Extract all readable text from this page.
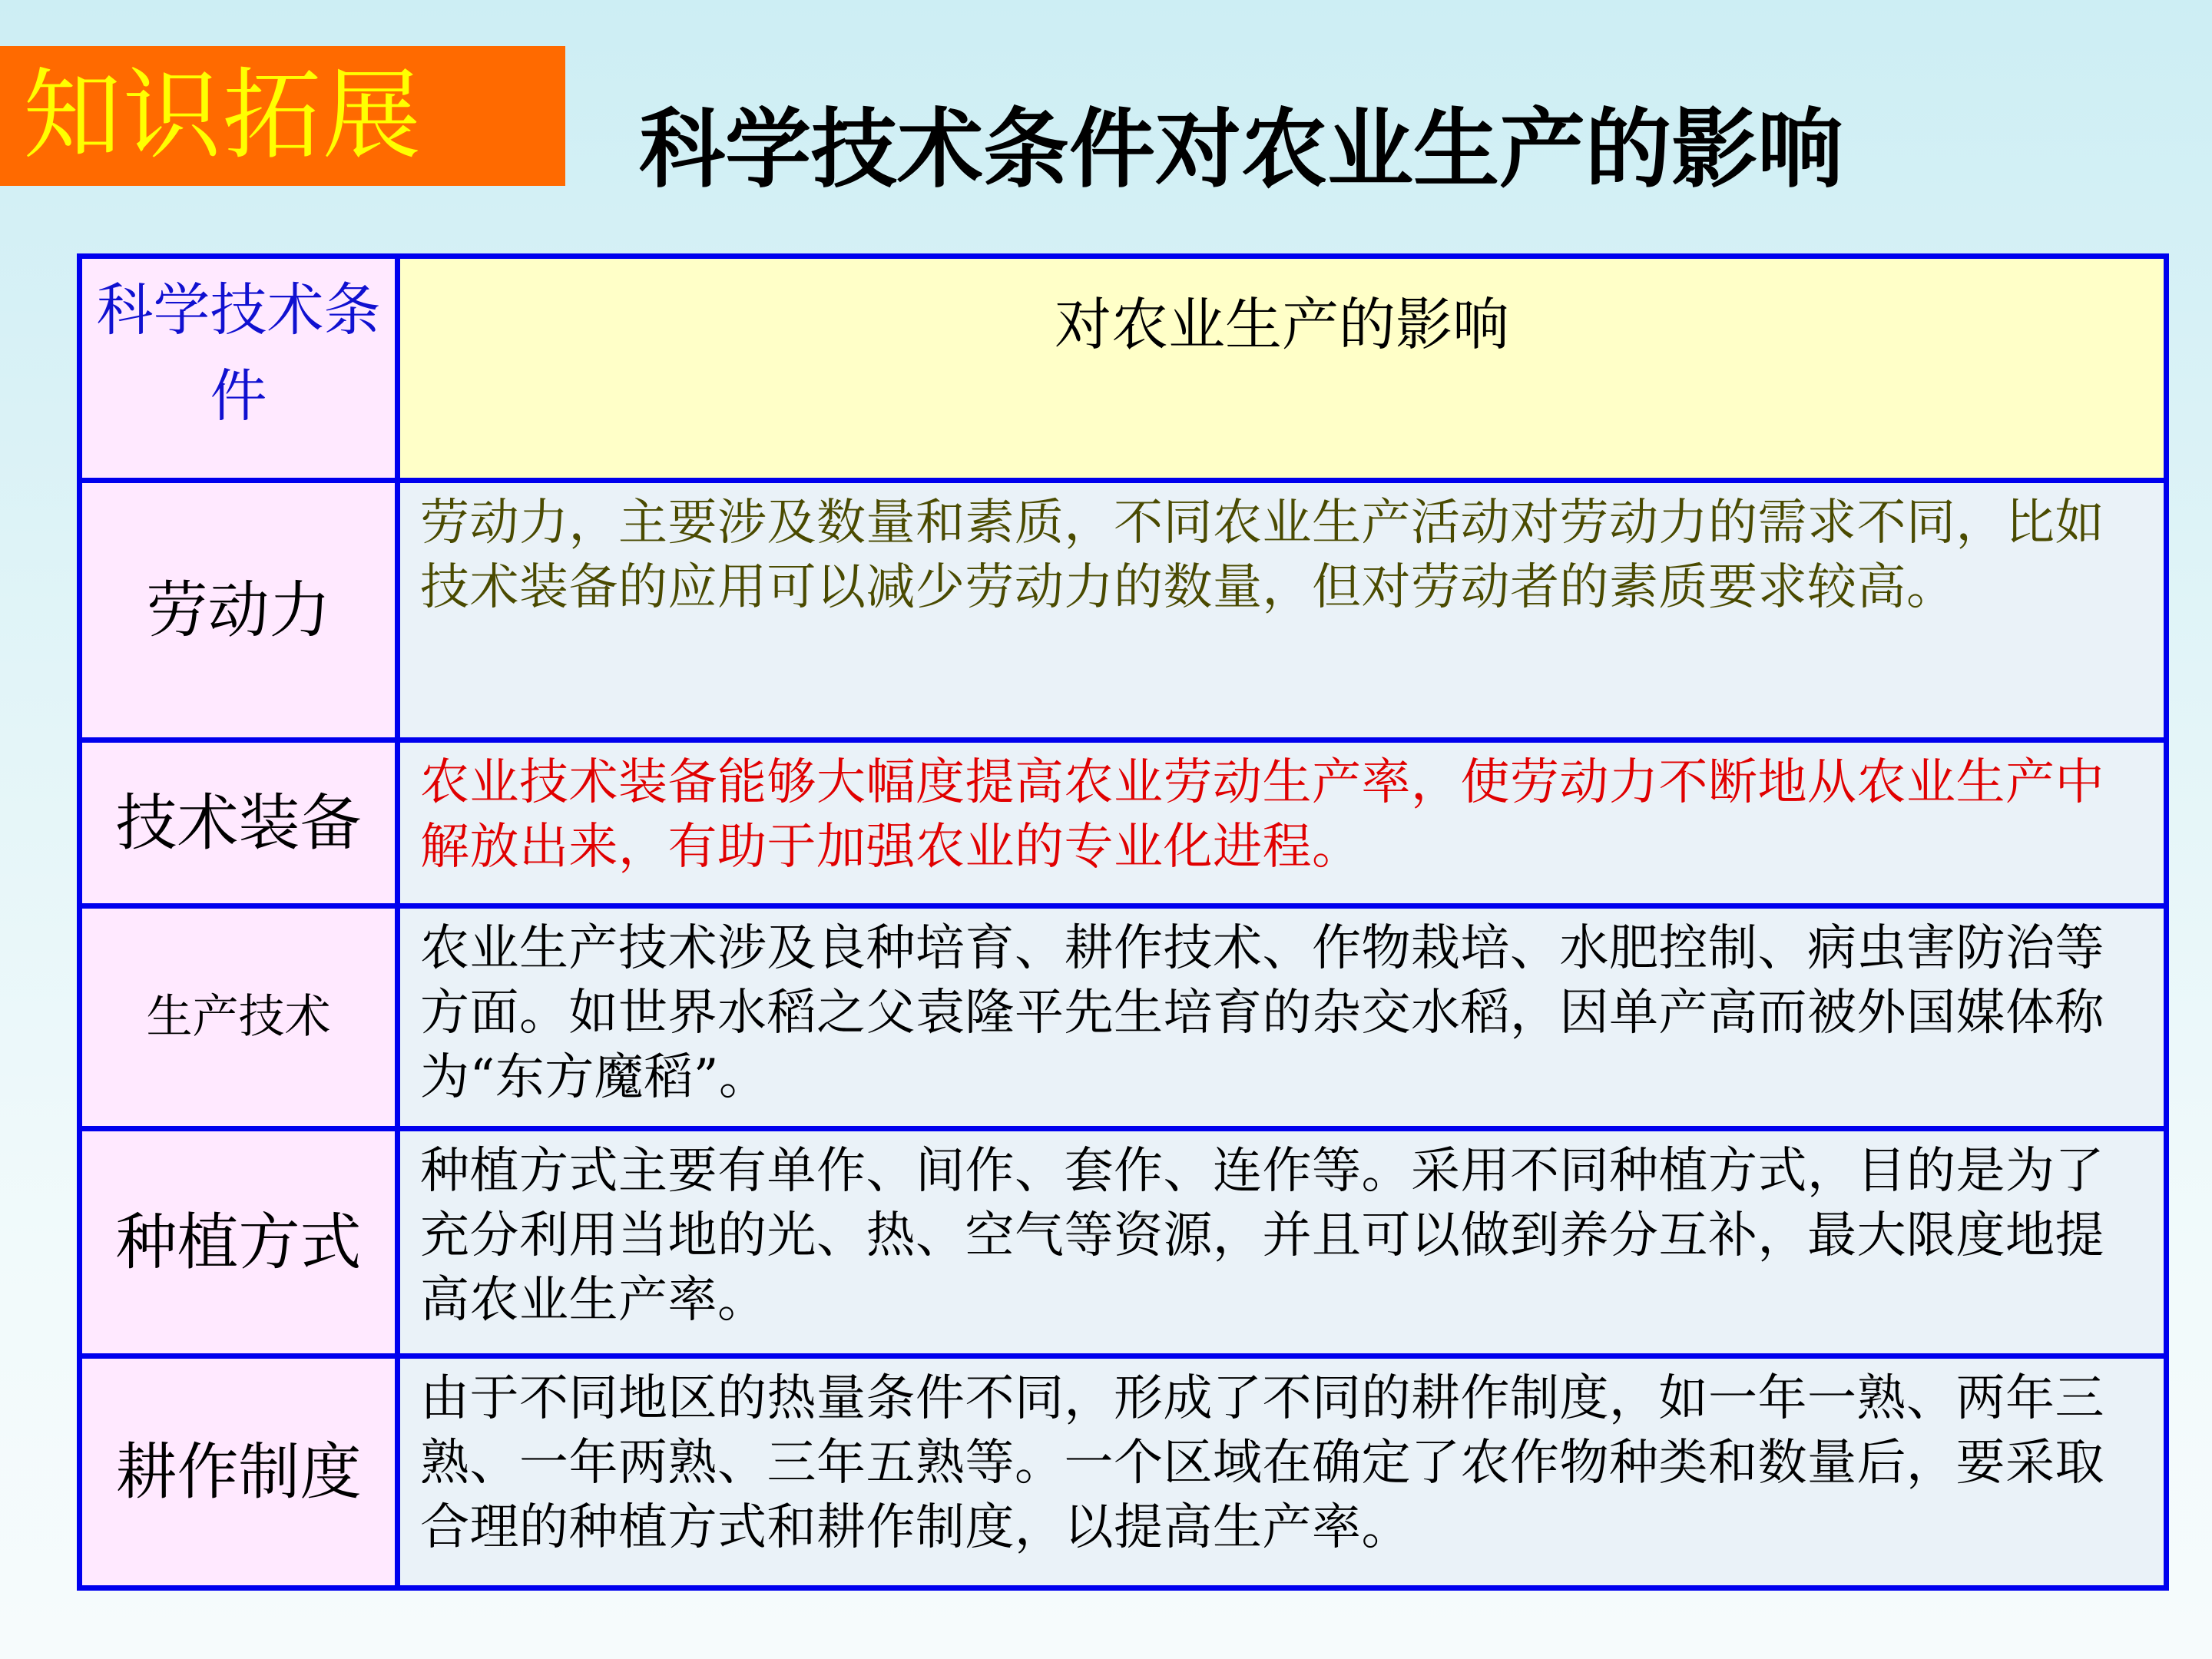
知识拓展	科学技术条件对农业生产的影响
科学技术条件	对农业生产的影响
劳动力	劳动力，主要涉及数量和素质，不同农业生产活动对劳动力的需求不同，比如技术装备的应用可以减少劳动力的数量，但对劳动者的素质要求较高。
技术装备	农业技术装备能够大幅度提高农业劳动生产率，使劳动力不断地从农业生产中解放出来，有助于加强农业的专业化进程。
生产技术	农业生产技术涉及良种培育、耕作技术、作物栽培、水肥控制、病虫害防治等方面。如世界水稻之父袁隆平先生培育的杂交水稻，因单产高而被外国媒体称为“东方魔稻”。
种植方式	种植方式主要有单作、间作、套作、连作等。采用不同种植方式，目的是为了充分利用当地的光、热、空气等资源，并且可以做到养分互补，最大限度地提高农业生产率。
耕作制度	由于不同地区的热量条件不同，形成了不同的耕作制度，如一年一熟、两年三熟、一年两熟、三年五熟等。一个区域在确定了农作物种类和数量后，要采取合理的种植方式和耕作制度，以提高生产率。
